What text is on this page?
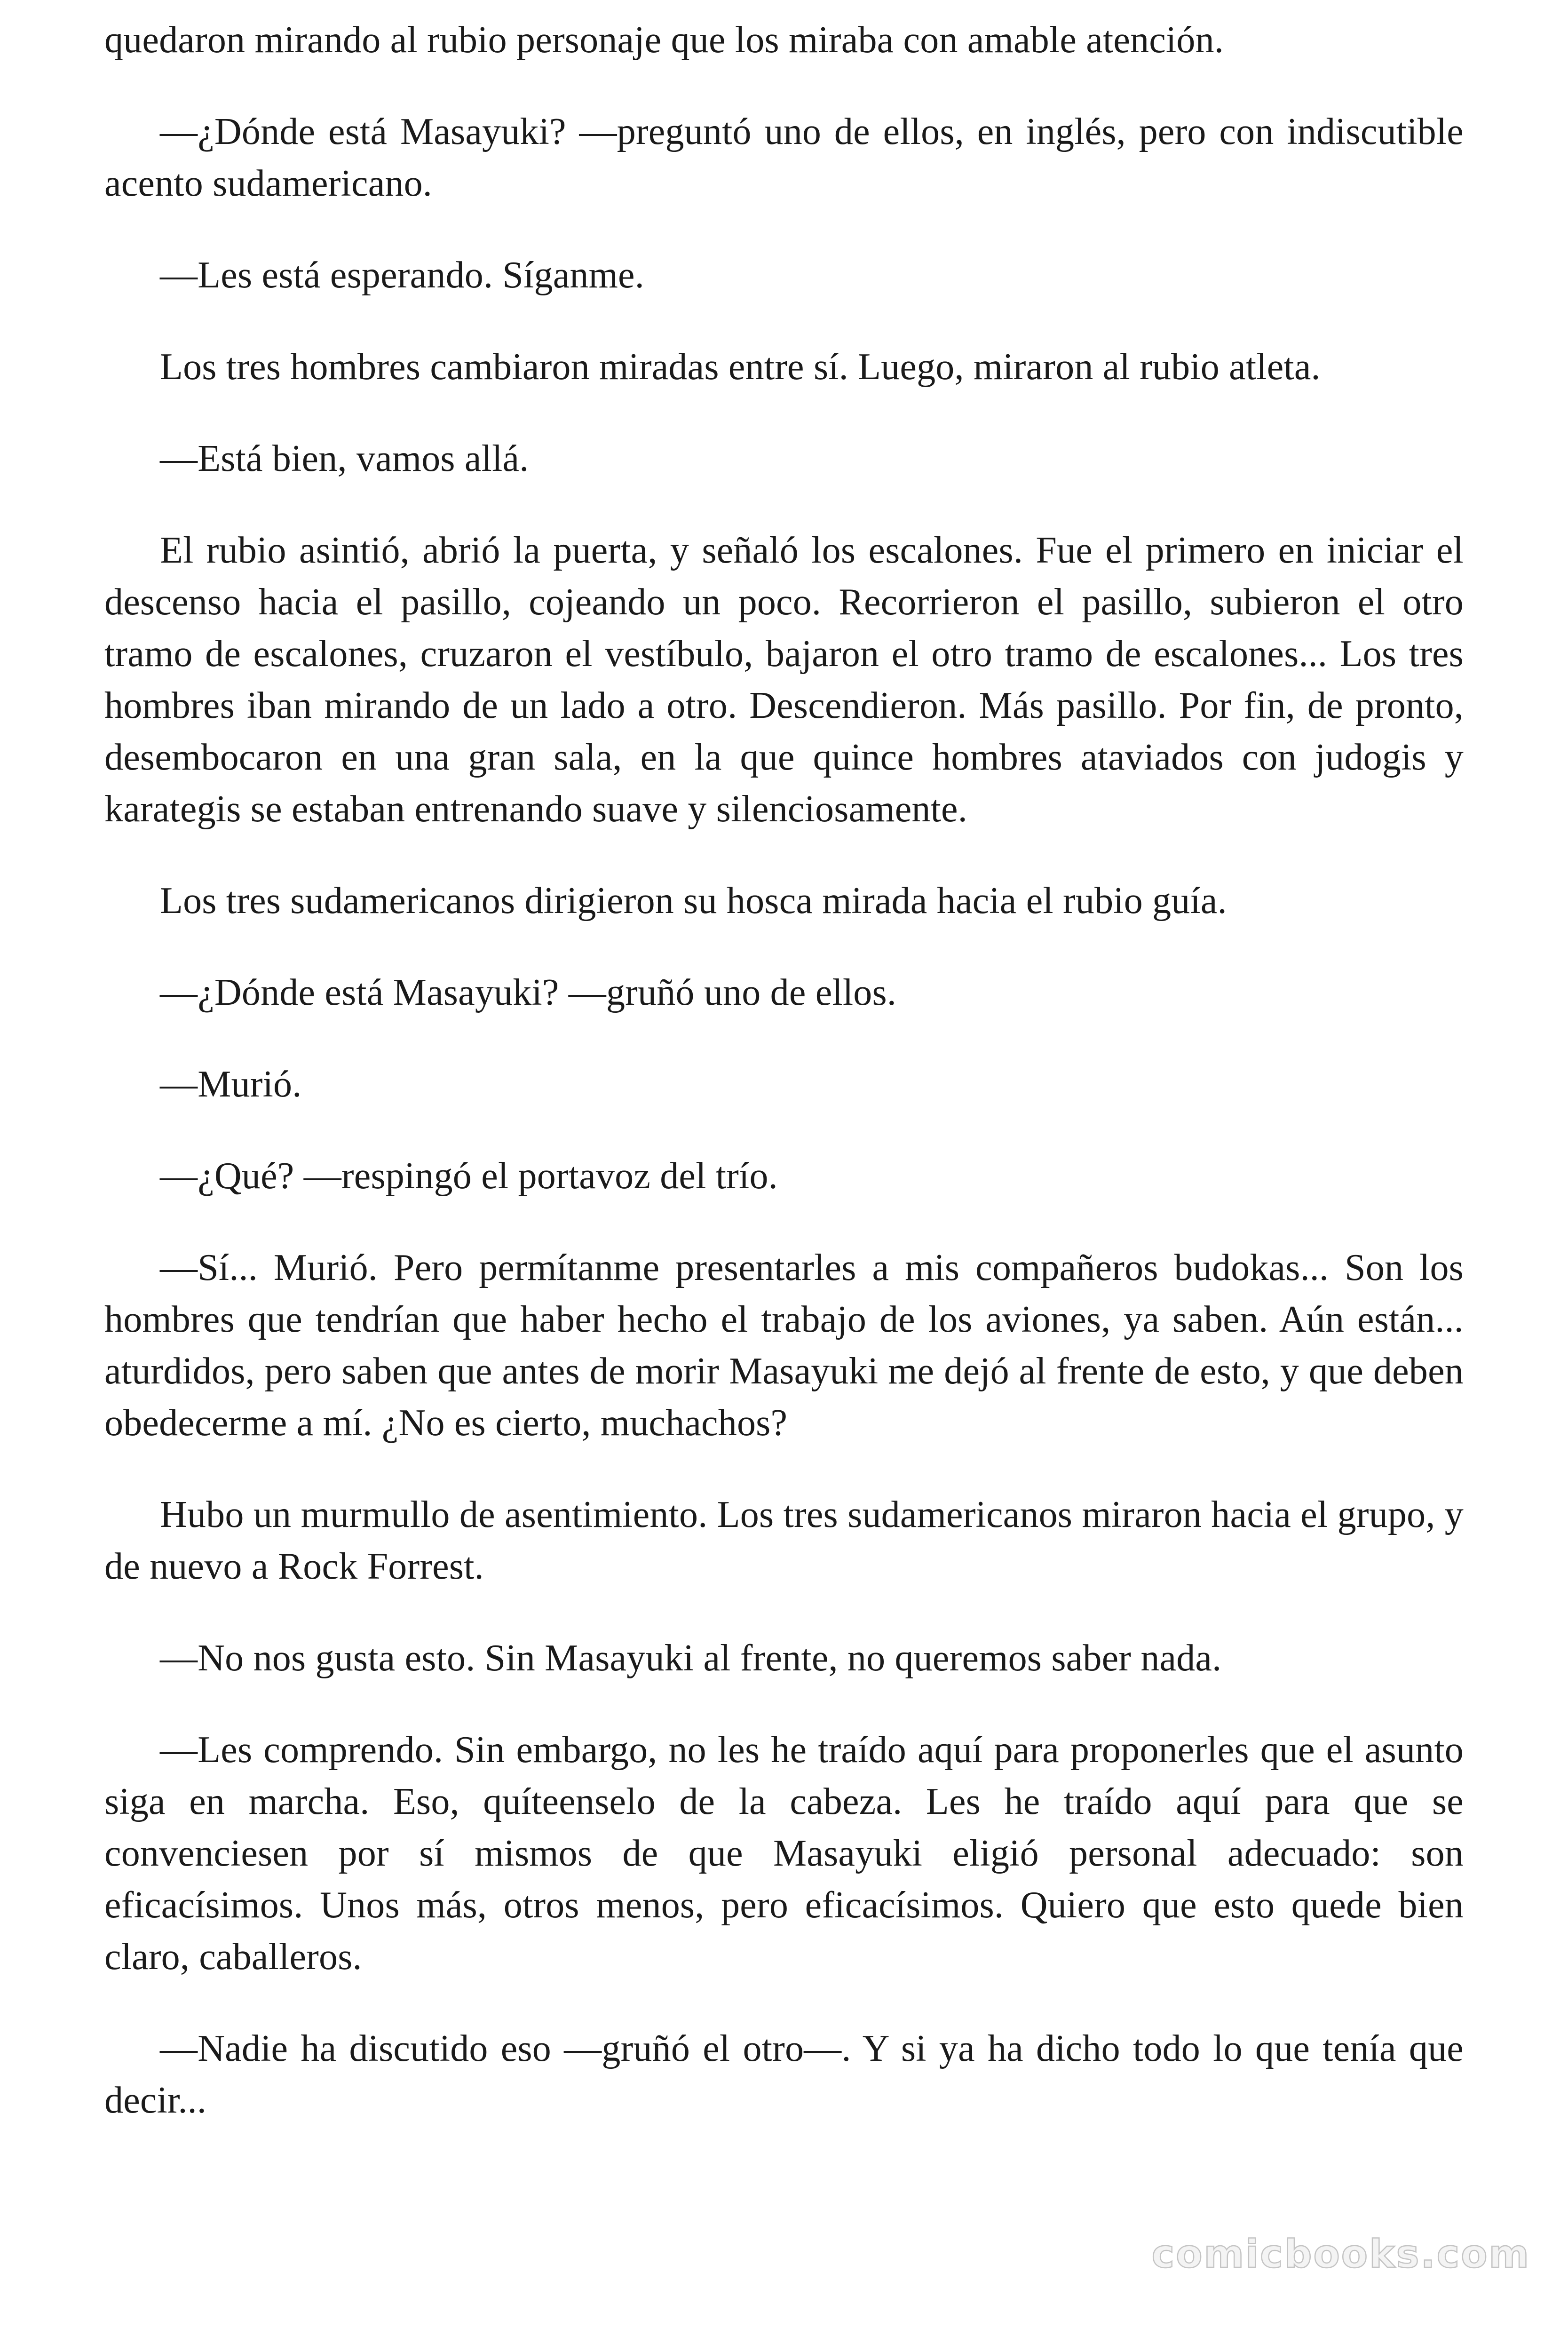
quedaron mirando al rubio personaje que los miraba con amable atención.

—¿Dónde está Masayuki? —preguntó uno de ellos, en inglés, pero con indiscutible acento sudamericano.

—Les está esperando. Síganme.

Los tres hombres cambiaron miradas entre sí. Luego, miraron al rubio atleta.

—Está bien, vamos allá.

El rubio asintió, abrió la puerta, y señaló los escalones. Fue el primero en iniciar el descenso hacia el pasillo, cojeando un poco. Recorrieron el pasillo, subieron el otro tramo de escalones, cruzaron el vestíbulo, bajaron el otro tramo de escalones... Los tres hombres iban mirando de un lado a otro. Descendieron. Más pasillo. Por fin, de pronto, desembocaron en una gran sala, en la que quince hombres ataviados con judogis y karategis se estaban entrenando suave y silenciosamente.

Los tres sudamericanos dirigieron su hosca mirada hacia el rubio guía.

—¿Dónde está Masayuki? —gruñó uno de ellos.

—Murió.

—¿Qué? —respingó el portavoz del trío.

—Sí... Murió. Pero permítanme presentarles a mis compañeros budokas... Son los hombres que tendrían que haber hecho el trabajo de los aviones, ya saben. Aún están... aturdidos, pero saben que antes de morir Masayuki me dejó al frente de esto, y que deben obedecerme a mí. ¿No es cierto, muchachos?

Hubo un murmullo de asentimiento. Los tres sudamericanos miraron hacia el grupo, y de nuevo a Rock Forrest.

—No nos gusta esto. Sin Masayuki al frente, no queremos saber nada.

—Les comprendo. Sin embargo, no les he traído aquí para proponerles que el asunto siga en marcha. Eso, quíteenselo de la cabeza. Les he traído aquí para que se convenciesen por sí mismos de que Masayuki eligió personal adecuado: son eficacísimos. Unos más, otros menos, pero eficacísimos. Quiero que esto quede bien claro, caballeros.

—Nadie ha discutido eso —gruñó el otro—. Y si ya ha dicho todo lo que tenía que decir...

comicbooks.com
